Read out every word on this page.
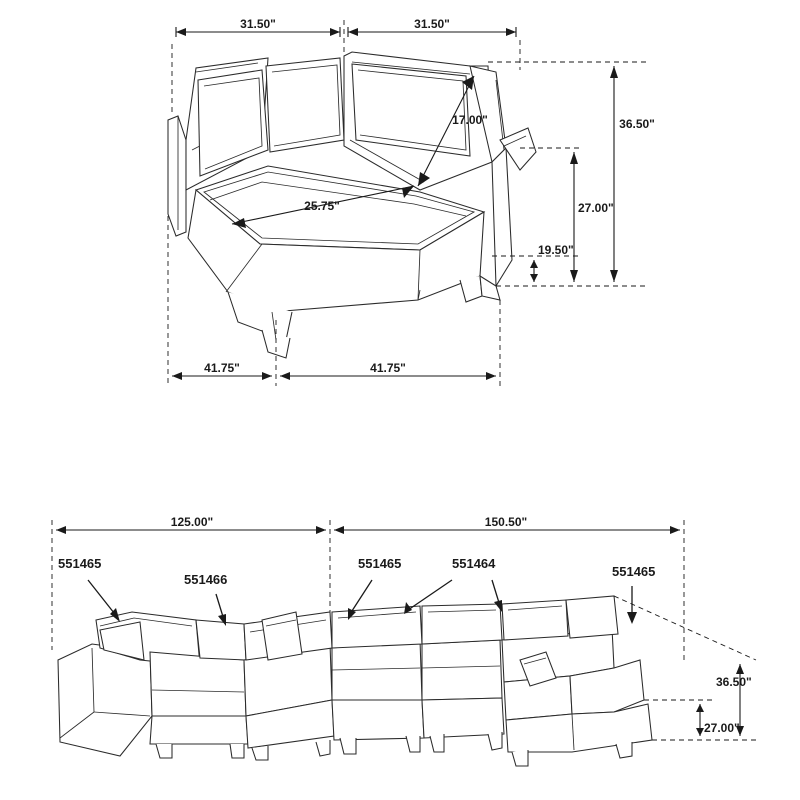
31.50"	31.50"
17.00"
25.75"
36.50"
27.00"
19.50"
41.75"	41.75"
125.00"	150.50"
551465
551466
551465	551464
551465
36.50"
27.00"
